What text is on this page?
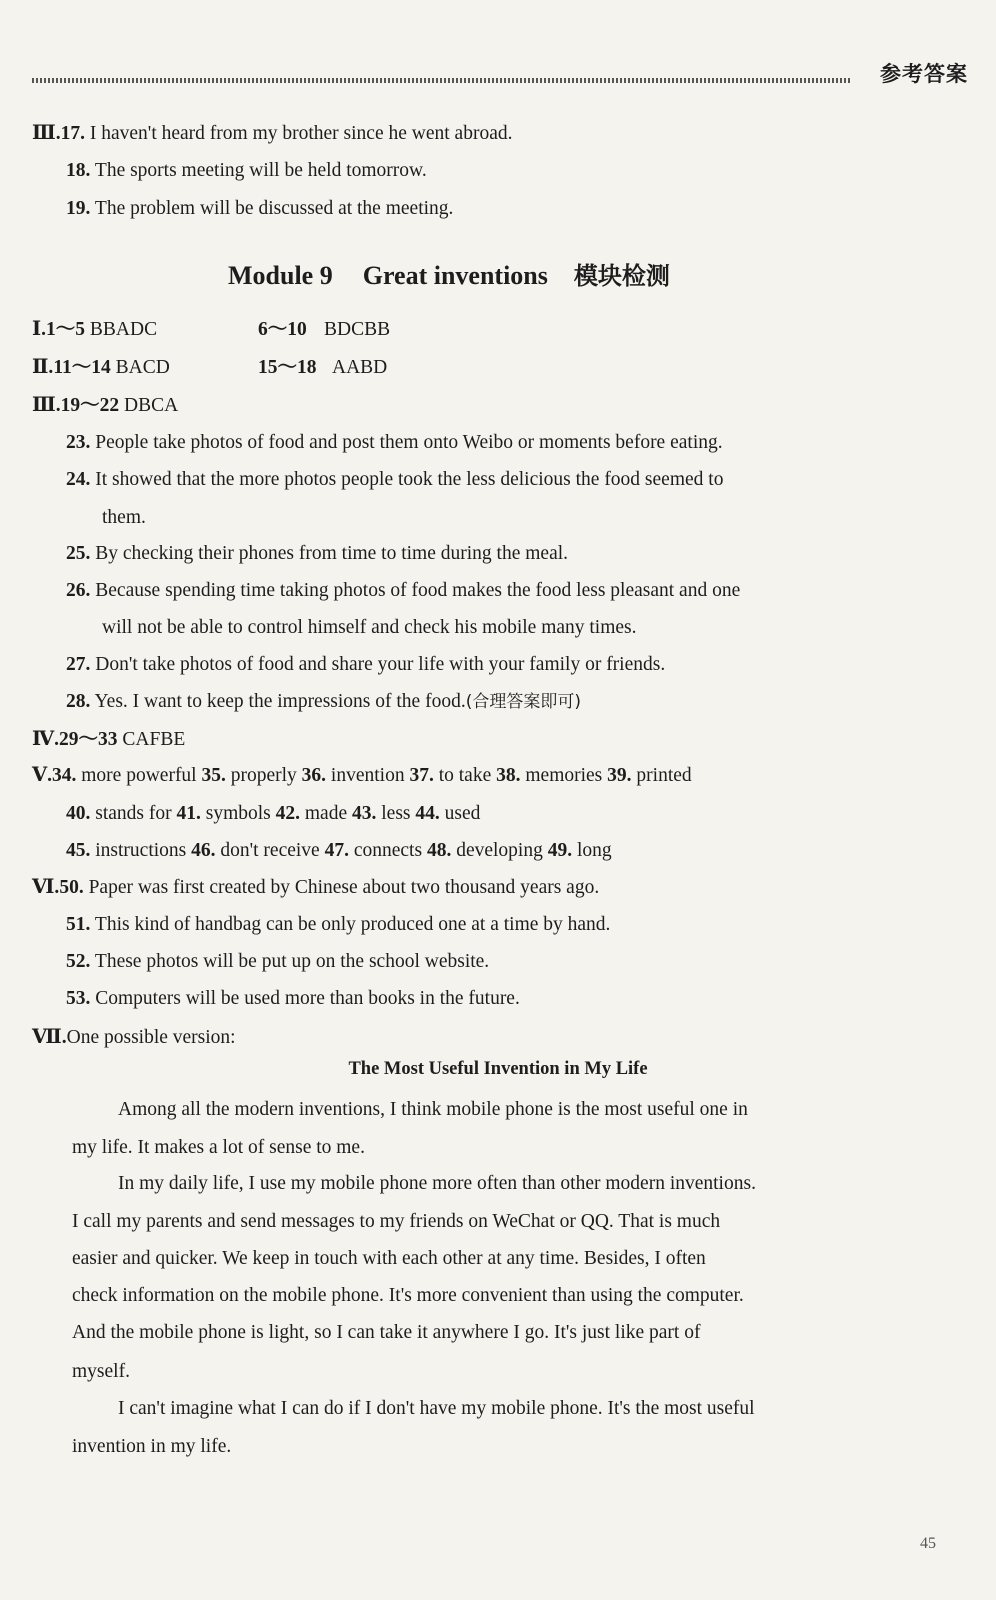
参考答案
Ⅲ.17. I haven't heard from my brother since he went abroad.
18. The sports meeting will be held tomorrow.
19. The problem will be discussed at the meeting.
Module 9 Great inventions 模块检测
Ⅰ.1～5 BBADC	6～10 BDCBB
Ⅱ.11～14 BACD	15～18 AABD
Ⅲ.19～22 DBCA
23. People take photos of food and post them onto Weibo or moments before eating.
24. It showed that the more photos people took the less delicious the food seemed to
them.
25. By checking their phones from time to time during the meal.
26. Because spending time taking photos of food makes the food less pleasant and one
will not be able to control himself and check his mobile many times.
27. Don't take photos of food and share your life with your family or friends.
28. Yes. I want to keep the impressions of the food.(合理答案即可)
Ⅳ.29～33 CAFBE
Ⅴ.34. more powerful 35. properly 36. invention 37. to take 38. memories 39. printed
40. stands for 41. symbols 42. made 43. less 44. used
45. instructions 46. don't receive 47. connects 48. developing 49. long
Ⅵ.50. Paper was first created by Chinese about two thousand years ago.
51. This kind of handbag can be only produced one at a time by hand.
52. These photos will be put up on the school website.
53. Computers will be used more than books in the future.
Ⅶ.One possible version:
The Most Useful Invention in My Life
Among all the modern inventions, I think mobile phone is the most useful one in
my life. It makes a lot of sense to me.
In my daily life, I use my mobile phone more often than other modern inventions.
I call my parents and send messages to my friends on WeChat or QQ. That is much
easier and quicker. We keep in touch with each other at any time. Besides, I often
check information on the mobile phone. It's more convenient than using the computer.
And the mobile phone is light, so I can take it anywhere I go. It's just like part of
myself.
I can't imagine what I can do if I don't have my mobile phone. It's the most useful
invention in my life.
45
